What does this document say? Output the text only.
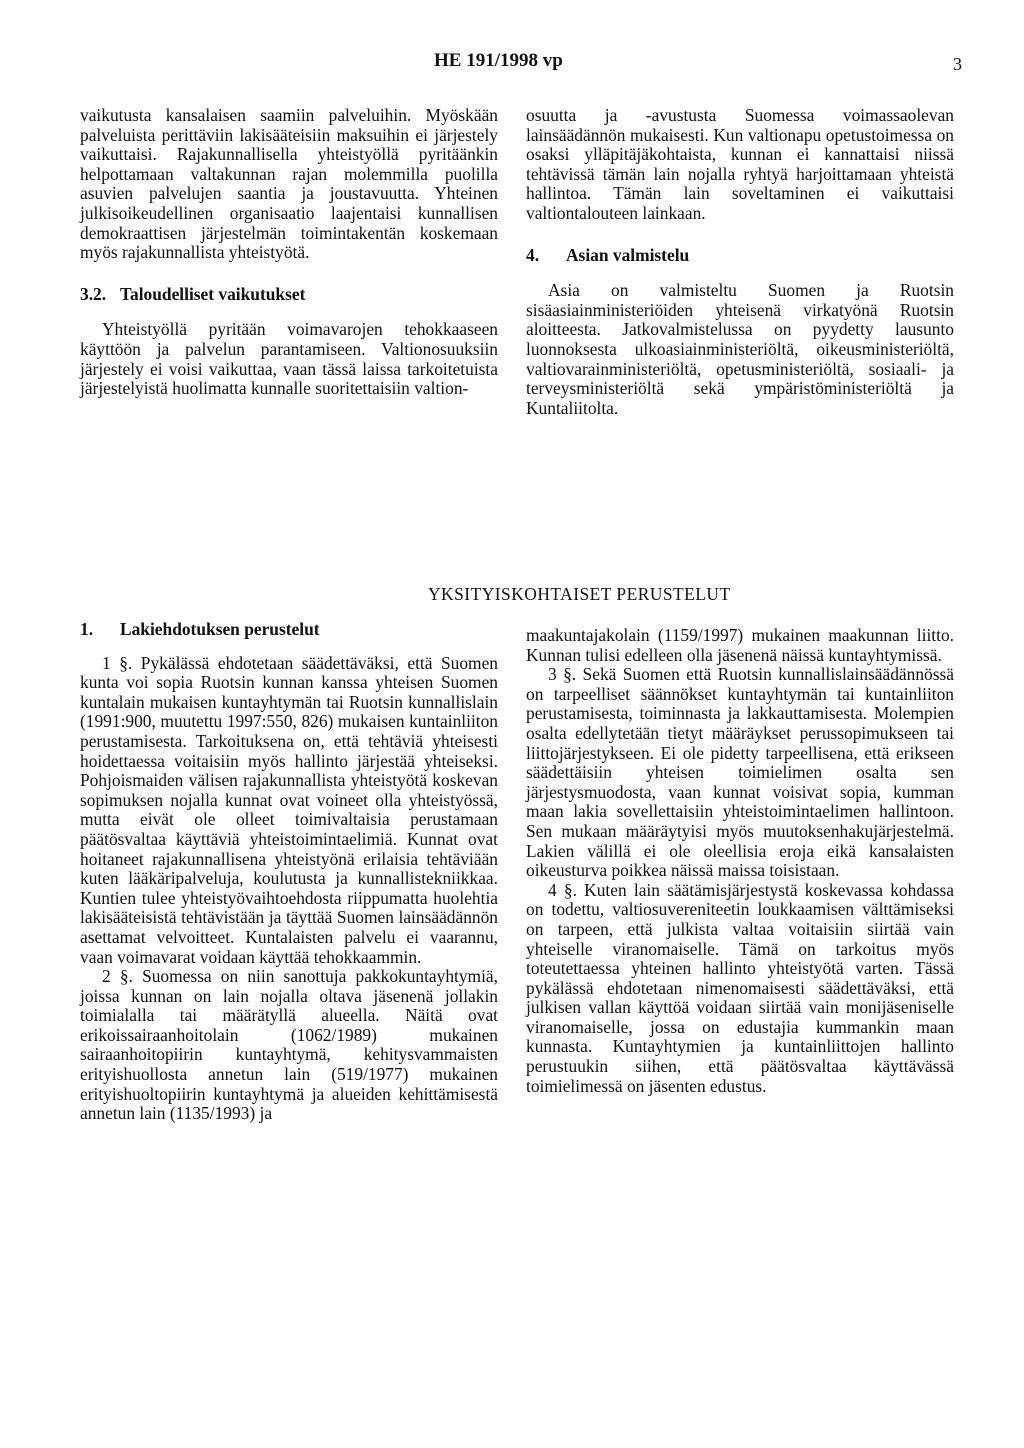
HE 191/1998 vp	3

vaikutusta kansalaisen saamiin palveluihin. Myöskään palveluista perittäviin lakisääteisiin maksuihin ei järjestely vaikuttaisi. Rajakunnallisella yhteistyöllä pyritäänkin helpottamaan valtakunnan rajan molemmilla puolilla asuvien palvelujen saantia ja joustavuutta. Yhteinen julkisoikeudellinen organisaatio laajentaisi kunnallisen demokraattisen järjestelmän toimintakentän koskemaan myös rajakunnallista yhteistyötä.

3.2. Taloudelliset vaikutukset

Yhteistyöllä pyritään voimavarojen tehokkaaseen käyttöön ja palvelun parantamiseen. Valtionosuuksiin järjestely ei voisi vaikuttaa, vaan tässä laissa tarkoitetuista järjestelyistä huolimatta kunnalle suoritettaisiin valtion-

osuutta ja -avustusta Suomessa voimassaolevan lainsäädännön mukaisesti. Kun valtionapu opetustoimessa on osaksi ylläpitäjäkohtaista, kunnan ei kannattaisi niissä tehtävissä tämän lain nojalla ryhtyä harjoittamaan yhteistä hallintoa. Tämän lain soveltaminen ei vaikuttaisi valtiontalouteen lainkaan.

4. Asian valmistelu

Asia on valmisteltu Suomen ja Ruotsin sisäasiainministeriöiden yhteisenä virkatyönä Ruotsin aloitteesta. Jatkovalmistelussa on pyydetty lausunto luonnoksesta ulkoasiainministeriöltä, oikeusministeriöltä, valtiovarainministeriöltä, opetusministeriöltä, sosiaali- ja terveysministeriöltä sekä ympäristöministeriöltä ja Kuntaliitolta.

YKSITYISKOHTAISET PERUSTELUT
1. Lakiehdotuksen perustelut

1 §. Pykälässä ehdotetaan säädettäväksi, että Suomen kunta voi sopia Ruotsin kunnan kanssa yhteisen Suomen kuntalain mukaisen kuntayhtymän tai Ruotsin kunnallislain (1991:900, muutettu 1997:550, 826) mukaisen kuntainliiton perustamisesta. Tarkoituksena on, että tehtäviä yhteisesti hoidettaessa voitaisiin myös hallinto järjestää yhteiseksi. Pohjoismaiden välisen rajakunnallista yhteistyötä koskevan sopimuksen nojalla kunnat ovat voineet olla yhteistyössä, mutta eivät ole olleet toimivaltaisia perustamaan päätösvaltaa käyttäviä yhteistoimintaelimiä. Kunnat ovat hoitaneet rajakunnallisena yhteistyönä erilaisia tehtäviään kuten lääkäripalveluja, koulutusta ja kunnallistekniikkaa. Kuntien tulee yhteistyövaihtoehdosta riippumatta huolehtia lakisääteisistä tehtävistään ja täyttää Suomen lainsäädännön asettamat velvoitteet. Kuntalaisten palvelu ei vaarannu, vaan voimavarat voidaan käyttää tehokkaammin.

2 §. Suomessa on niin sanottuja pakkokuntayhtymiä, joissa kunnan on lain nojalla oltava jäsenenä jollakin toimialalla tai määrätyllä alueella. Näitä ovat erikoissairaanhoitolain (1062/1989) mukainen sairaanhoitopiirin kuntayhtymä, kehitysvammaisten erityishuollosta annetun lain (519/1977) mukainen erityishuoltopiirin kuntayhtymä ja alueiden kehittämisestä annetun lain (1135/1993) ja

maakuntajakolain (1159/1997) mukainen maakunnan liitto. Kunnan tulisi edelleen olla jäsenenä näissä kuntayhtymissä.

3 §. Sekä Suomen että Ruotsin kunnallislainsäädännössä on tarpeelliset säännökset kuntayhtymän tai kuntainliiton perustamisesta, toiminnasta ja lakkauttamisesta. Molempien osalta edellytetään tietyt määräykset perussopimukseen tai liittojärjestykseen. Ei ole pidetty tarpeellisena, että erikseen säädettäisiin yhteisen toimielimen osalta sen järjestysmuodosta, vaan kunnat voisivat sopia, kumman maan lakia sovellettaisiin yhteistoimintaelimen hallintoon. Sen mukaan määräytyisi myös muutoksenhakujärjestelmä. Lakien välillä ei ole oleellisia eroja eikä kansalaisten oikeusturva poikkea näissä maissa toisistaan.

4 §. Kuten lain säätämisjärjestystä koskevassa kohdassa on todettu, valtiosuvereniteetin loukkaamisen välttämiseksi on tarpeen, että julkista valtaa voitaisiin siirtää vain yhteiselle viranomaiselle. Tämä on tarkoitus myös toteutettaessa yhteinen hallinto yhteistyötä varten. Tässä pykälässä ehdotetaan nimenomaisesti säädettäväksi, että julkisen vallan käyttöä voidaan siirtää vain monijäseniselle viranomaiselle, jossa on edustajia kummankin maan kunnasta. Kuntayhtymien ja kuntainliittojen hallinto perustuukin siihen, että päätösvaltaa käyttävässä toimielimessä on jäsenten edustus.
